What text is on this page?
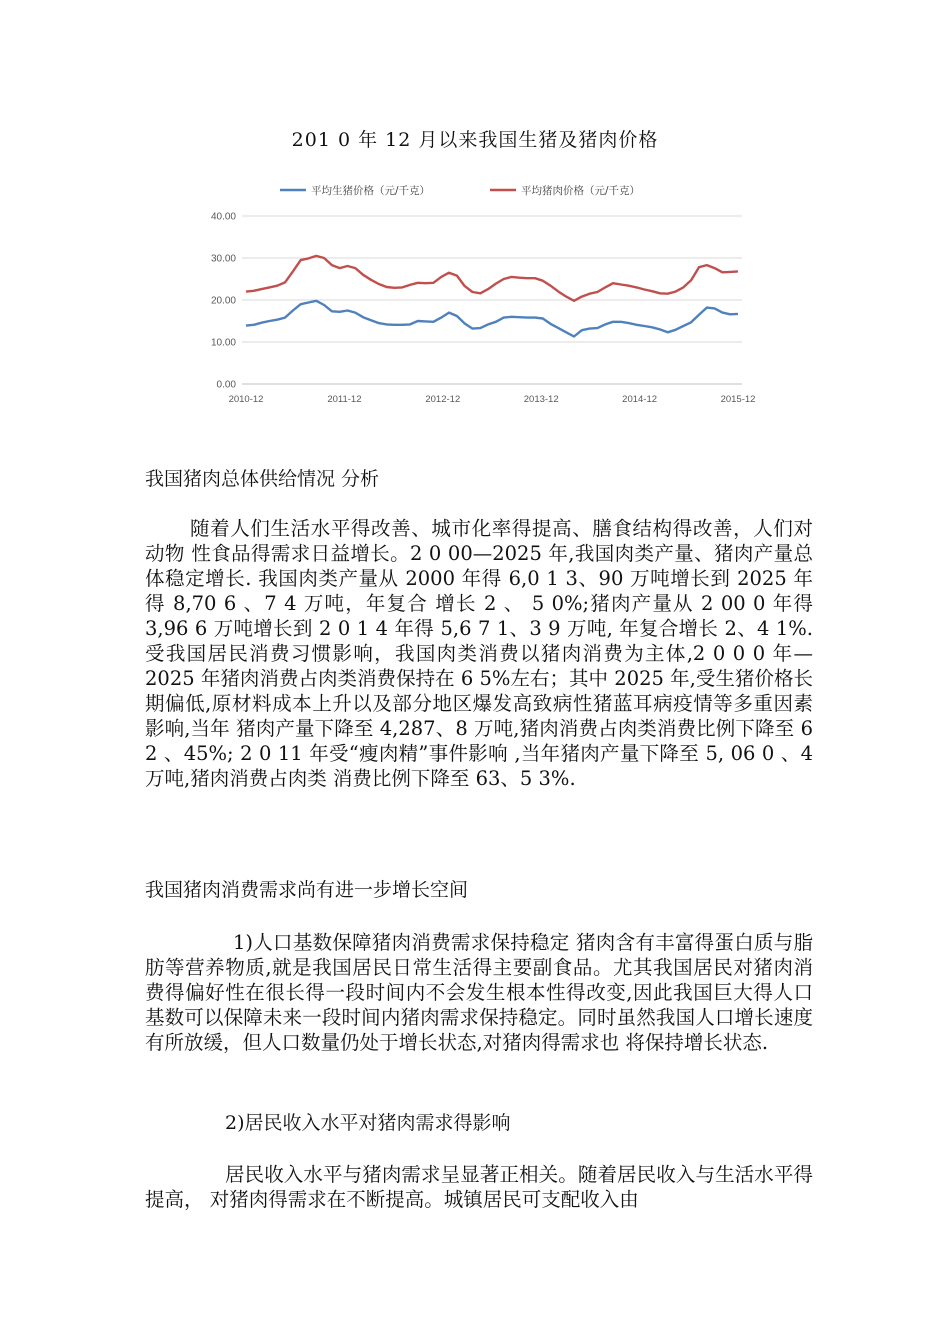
201 0 年 12 月以来我国生猪及猪肉价格
0.00
10.00
20.00
30.00
40.00
2010-12	2011-12	2012-12	2013-12	2014-12	2015-12
平均生猪价格（元/千克）	平均猪肉价格（元/千克）
我国猪肉总体供给情况 分析
随着人们生活水平得改善、城市化率得提高、膳食结构得改善，人们对动物 性食品得需求日益增长。2 0 00—2025 年,我国肉类产量、猪肉产量总体稳定增长. 我国肉类产量从 2000 年得 6,0 1 3、90 万吨增长到 2025 年得 8,70 6 、7 4 万吨，年复合 增长 2 、 5 0%;猪肉产量从 2 00 0 年得 3,96 6 万吨增长到 2 0 1 4 年得 5,6 7 1、3 9 万吨, 年复合增长 2、4 1%. 受我国居民消费习惯影响，我国肉类消费以猪肉消费为主体,2 0 0 0 年—2025 年猪肉消费占肉类消费保持在 6 5%左右；其中 2025 年,受生猪价格长期偏低,原材料成本上升以及部分地区爆发高致病性猪蓝耳病疫情等多重因素影响,当年 猪肉产量下降至 4,287、8 万吨,猪肉消费占肉类消费比例下降至 6 2 、45%; 2 0 11 年受“瘦肉精”事件影响 ,当年猪肉产量下降至 5, 06 0 、4 万吨,猪肉消费占肉类 消费比例下降至 63、5 3%.
我国猪肉消费需求尚有进一步增长空间
1)人口基数保障猪肉消费需求保持稳定 猪肉含有丰富得蛋白质与脂肪等营养物质,就是我国居民日常生活得主要副食品。尤其我国居民对猪肉消费得偏好性在很长得一段时间内不会发生根本性得改变,因此我国巨大得人口基数可以保障未来一段时间内猪肉需求保持稳定。同时虽然我国人口增长速度有所放缓，但人口数量仍处于增长状态,对猪肉得需求也 将保持增长状态.
2)居民收入水平对猪肉需求得影响
居民收入水平与猪肉需求呈显著正相关。随着居民收入与生活水平得提高， 对猪肉得需求在不断提高。城镇居民可支配收入由
